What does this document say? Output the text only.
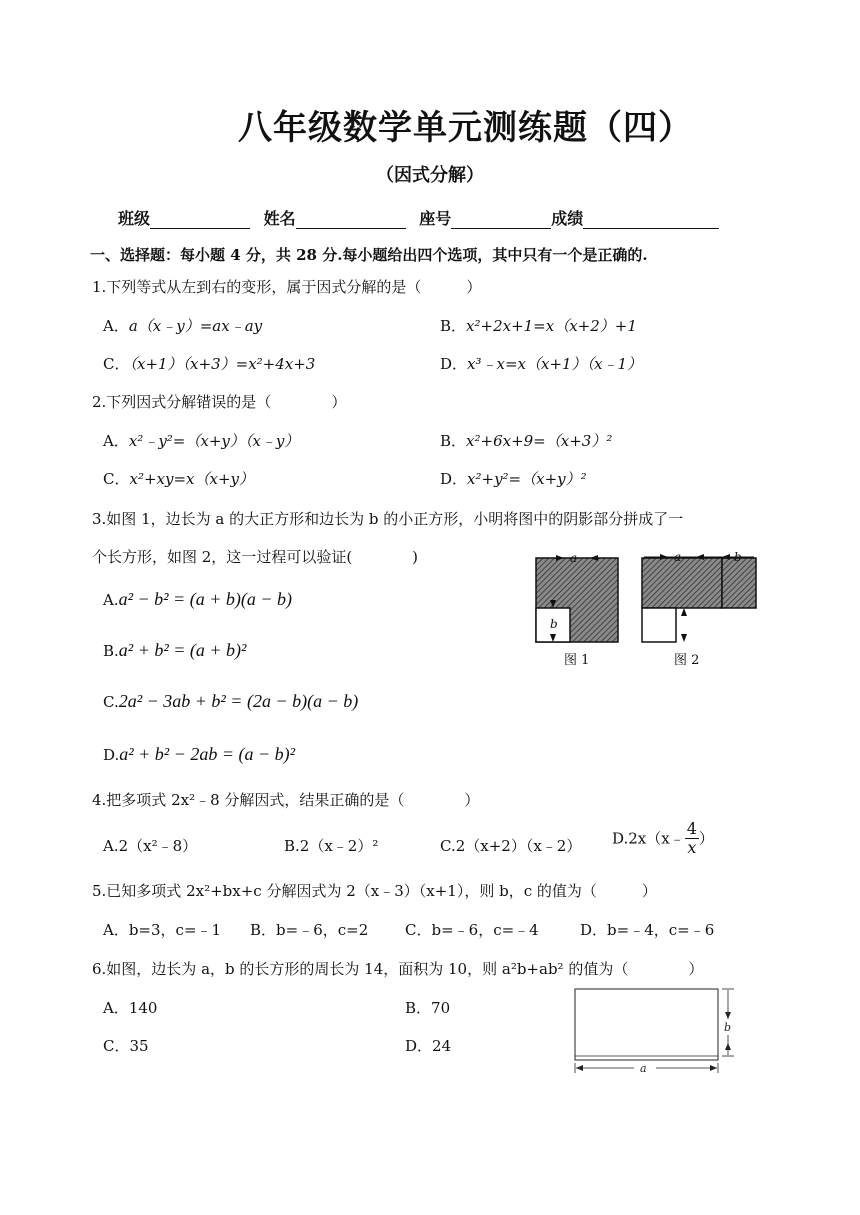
八年级数学单元测练题（四）
（因式分解）
班级	姓名	座号	成绩
一、选择题：每小题 4 分，共 28 分.每小题给出四个选项，其中只有一个是正确的.
1.下列等式从左到右的变形，属于因式分解的是（　　　）
A．a（x﹣y）=ax﹣ay	B．x²+2x+1=x（x+2）+1
C．（x+1）（x+3）=x²+4x+3	D．x³﹣x=x（x+1）（x﹣1）
2.下列因式分解错误的是（　　　　）
A．x²﹣y²=（x+y）（x﹣y）	B．x²+6x+9=（x+3）²
C．x²+xy=x（x+y）	D．x²+y²=（x+y）²
3.如图 1，边长为 a 的大正方形和边长为 b 的小正方形，小明将图中的阴影部分拼成了一
个长方形，如图 2，这一过程可以验证(　　　　)
A.a² − b² = (a + b)(a − b)
B.a² + b² = (a + b)²
C.2a² − 3ab + b² = (2a − b)(a − b)
D.a² + b² − 2ab = (a − b)²
a
b
图 1
a	b
图 2
4.把多项式 2x²﹣8 分解因式，结果正确的是（　　　　）
A.2（x²﹣8）	B.2（x﹣2）²	C.2（x+2）（x﹣2） D.2x（x﹣ $\frac{4}{x}$ ）
5.已知多项式 2x²+bx+c 分解因式为 2（x﹣3）（x+1），则 b，c 的值为（　　　）
A．b=3，c=﹣1 B．b=﹣6，c=2 C．b=﹣6，c=﹣4	D．b=﹣4，c=﹣6
6.如图，边长为 a，b 的长方形的周长为 14，面积为 10，则 a²b+ab² 的值为（　　　　）
A．140	B．70
C．35	D．24
a
b
